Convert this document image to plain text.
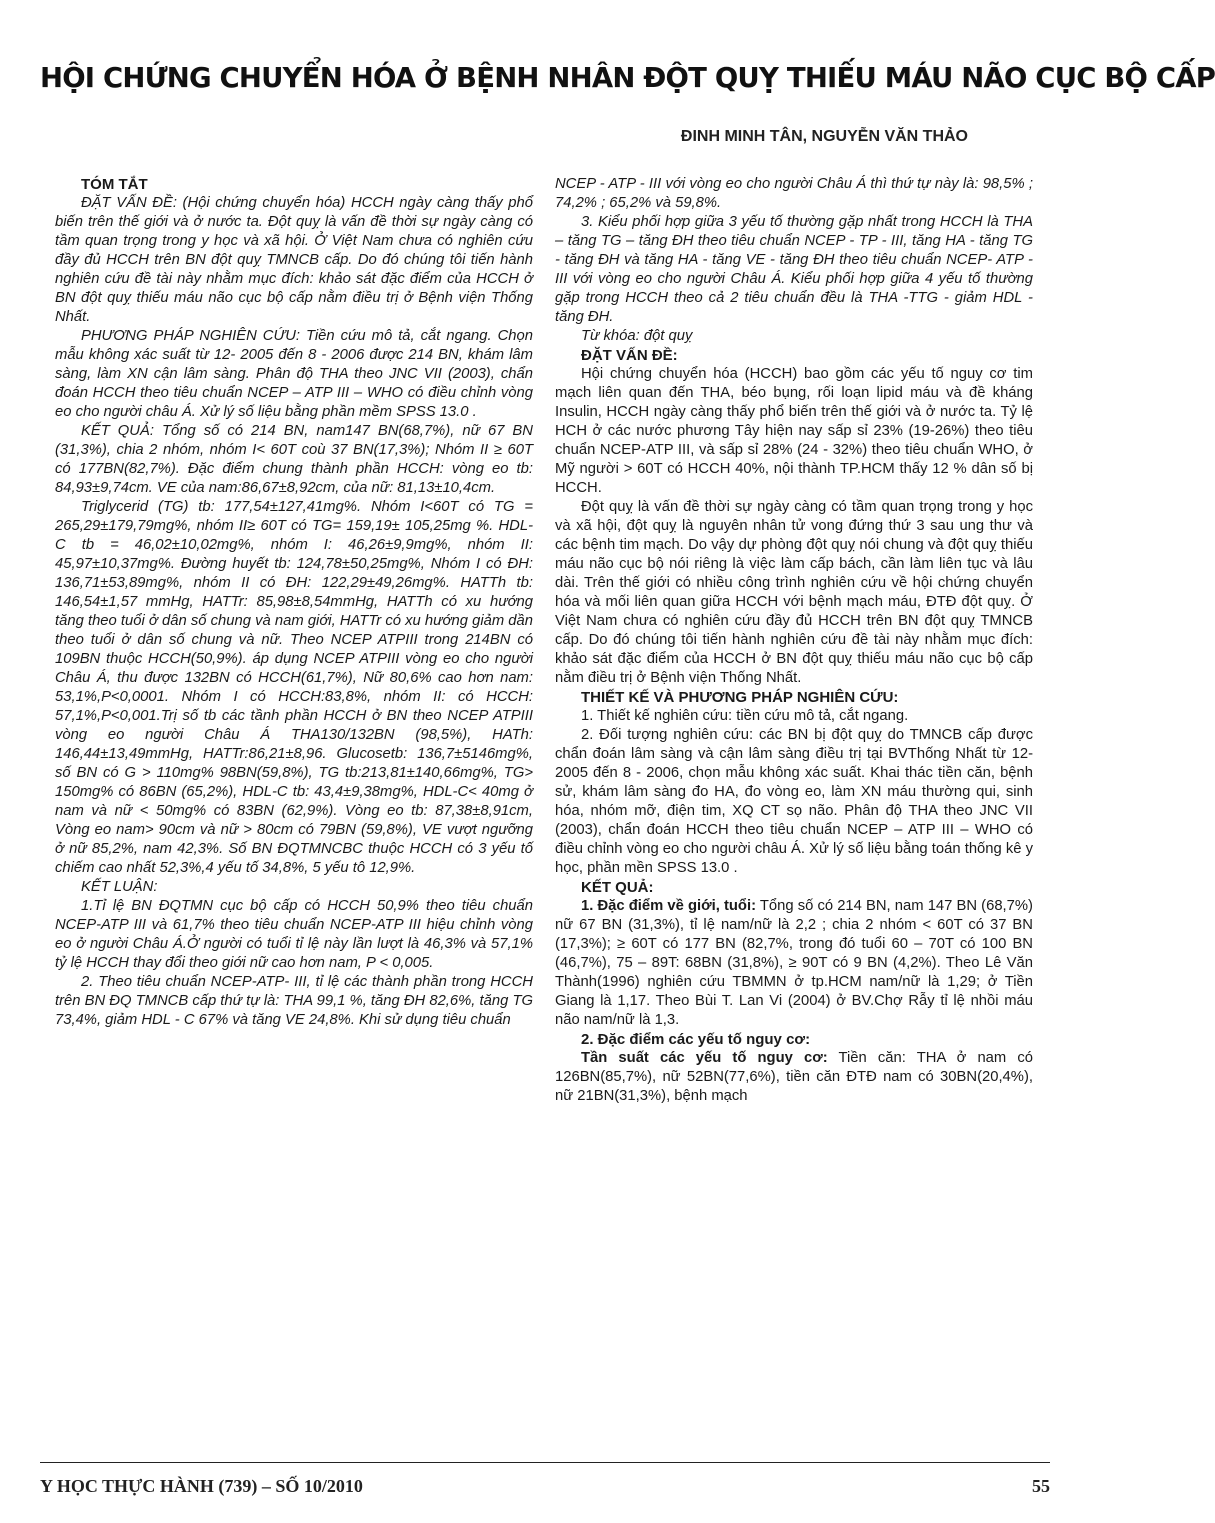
HỘI CHỨNG CHUYỂN HÓA Ở BỆNH NHÂN ĐỘT QUỴ THIẾU MÁU NÃO CỤC BỘ CẤP
ĐINH MINH TÂN, NGUYỄN VĂN THẢO
TÓM TẮT

ĐẶT VẤN ĐỀ: (Hội chứng chuyển hóa) HCCH ngày càng thấy phổ biến trên thế giới và ở nước ta. Đột quỵ là vấn đề thời sự ngày càng có tầm quan trọng trong y học và xã hội. Ở Việt Nam chưa có nghiên cứu đầy đủ HCCH trên BN đột quỵ TMNCB cấp. Do đó chúng tôi tiến hành nghiên cứu đề tài này nhằm mục đích: khảo sát đặc điểm của HCCH ở BN đột quỵ thiếu máu não cục bộ cấp nằm điều trị ở Bệnh viện Thống Nhất.

PHƯƠNG PHÁP NGHIÊN CỨU: Tiền cứu mô tả, cắt ngang. Chọn mẫu không xác suất từ 12- 2005 đến 8 - 2006 được 214 BN, khám lâm sàng, làm XN cận lâm sàng. Phân độ THA theo JNC VII (2003), chẩn đoán HCCH theo tiêu chuẩn NCEP – ATP III – WHO có điều chỉnh vòng eo cho người châu Á. Xử lý số liệu bằng phần mềm SPSS 13.0 .

KẾT QUẢ: Tổng số có 214 BN, nam147 BN(68,7%), nữ 67 BN (31,3%), chia 2 nhóm, nhóm I< 60T coù 37 BN(17,3%); Nhóm II ≥ 60T có 177BN(82,7%). Đặc điểm chung thành phần HCCH: vòng eo tb: 84,93±9,74cm. VE của nam:86,67±8,92cm, của nữ: 81,13±10,4cm.

Triglycerid (TG) tb: 177,54±127,41mg%. Nhóm I<60T có TG = 265,29±179,79mg%, nhóm II≥ 60T có TG= 159,19± 105,25mg %. HDL-C tb = 46,02±10,02mg%, nhóm I: 46,26±9,9mg%, nhóm II: 45,97±10,37mg%. Đường huyết tb: 124,78±50,25mg%, Nhóm I có ĐH: 136,71±53,89mg%, nhóm II có ĐH: 122,29±49,26mg%. HATTh tb: 146,54±1,57 mmHg, HATTr: 85,98±8,54mmHg, HATTh có xu hướng tăng theo tuổi ở dân số chung và nam giới, HATTr có xu hướng giảm dần theo tuổi ở dân số chung và nữ. Theo NCEP ATPIII trong 214BN có 109BN thuộc HCCH(50,9%). áp dụng NCEP ATPIII vòng eo cho người Châu Á, thu được 132BN có HCCH(61,7%), Nữ 80,6% cao hơn nam: 53,1%,P<0,0001. Nhóm I có HCCH:83,8%, nhóm II: có HCCH: 57,1%,P<0,001.Trị số tb các tầnh phần HCCH ở BN theo NCEP ATPIII vòng eo người Châu Á THA130/132BN (98,5%), HATh: 146,44±13,49mmHg, HATTr:86,21±8,96. Glucosetb: 136,7±5146mg%, số BN có G > 110mg% 98BN(59,8%), TG tb:213,81±140,66mg%, TG> 150mg% có 86BN (65,2%), HDL-C tb: 43,4±9,38mg%, HDL-C< 40mg ở nam và nữ < 50mg% có 83BN (62,9%). Vòng eo tb: 87,38±8,91cm, Vòng eo nam> 90cm và nữ > 80cm có 79BN (59,8%), VE vượt ngưỡng ở nữ 85,2%, nam 42,3%. Số BN ĐQTMNCBC thuộc HCCH có 3 yếu tố chiếm cao nhất 52,3%,4 yếu tố 34,8%, 5 yếu tô 12,9%.

KẾT LUẬN:

1.Tỉ lệ BN ĐQTMN cục bộ cấp có HCCH 50,9% theo tiêu chuẩn NCEP-ATP III và 61,7% theo tiêu chuẩn NCEP-ATP III hiệu chỉnh vòng eo ở người Châu Á.Ở người có tuổi tỉ lệ này lần lượt là 46,3% và 57,1% tỷ lệ HCCH thay đổi theo giới nữ cao hơn nam, P < 0,005.

2. Theo tiêu chuẩn NCEP-ATP- III, tỉ lệ các thành phần trong HCCH trên BN ĐQ TMNCB cấp thứ tự là: THA 99,1 %, tăng ĐH 82,6%, tăng TG 73,4%, giảm HDL - C 67% và tăng VE 24,8%. Khi sử dụng tiêu chuẩn

NCEP - ATP - III với vòng eo cho người Châu Á thì thứ tự này là: 98,5% ; 74,2% ; 65,2% và 59,8%.

3. Kiểu phối hợp giữa 3 yếu tố thường gặp nhất trong HCCH là THA – tăng TG – tăng ĐH theo tiêu chuẩn NCEP - TP - III, tăng HA - tăng TG - tăng ĐH và tăng HA - tăng VE - tăng ĐH theo tiêu chuẩn NCEP- ATP - III với vòng eo cho người Châu Á. Kiểu phối hợp giữa 4 yếu tố thường gặp trong HCCH theo cả 2 tiêu chuẩn đều là THA -TTG - giảm HDL - tăng ĐH.

Từ khóa: đột quỵ

ĐẶT VẤN ĐỀ:

Hội chứng chuyển hóa (HCCH) bao gồm các yếu tố nguy cơ tim mạch liên quan đến THA, béo bụng, rối loạn lipid máu và đề kháng Insulin, HCCH ngày càng thấy phổ biến trên thế giới và ở nước ta. Tỷ lệ HCH ở các nước phương Tây hiện nay sấp sỉ 23% (19-26%) theo tiêu chuẩn NCEP-ATP III, và sấp sỉ 28% (24 - 32%) theo tiêu chuẩn WHO, ở Mỹ người > 60T có HCCH 40%, nội thành TP.HCM thấy 12 % dân số bị HCCH.

Đột quỵ là vấn đề thời sự ngày càng có tầm quan trọng trong y học và xã hội, đột quỵ là nguyên nhân tử vong đứng thứ 3 sau ung thư và các bệnh tim mạch. Do vậy dự phòng đột quỵ nói chung và đột quỵ thiếu máu não cục bộ nói riêng là việc làm cấp bách, cần làm liên tục và lâu dài. Trên thế giới có nhiều công trình nghiên cứu về hội chứng chuyển hóa và mối liên quan giữa HCCH với bệnh mạch máu, ĐTĐ đột quỵ. Ở Việt Nam chưa có nghiên cứu đầy đủ HCCH trên BN đột quỵ TMNCB cấp. Do đó chúng tôi tiến hành nghiên cứu đề tài này nhằm mục đích: khảo sát đặc điểm của HCCH ở BN đột quỵ thiếu máu não cục bộ cấp nằm điều trị ở Bệnh viện Thống Nhất.

THIẾT KẾ VÀ PHƯƠNG PHÁP NGHIÊN CỨU:

1. Thiết kế nghiên cứu: tiền cứu mô tả, cắt ngang.

2. Đối tượng nghiên cứu: các BN bị đột quỵ do TMNCB cấp được chẩn đoán lâm sàng và cận lâm sàng điều trị tại BVThống Nhất từ 12- 2005 đến 8 - 2006, chọn mẫu không xác suất. Khai thác tiền căn, bệnh sử, khám lâm sàng đo HA, đo vòng eo, làm XN máu thường qui, sinh hóa, nhóm mỡ, điện tim, XQ CT sọ não. Phân độ THA theo JNC VII (2003), chẩn đoán HCCH theo tiêu chuẩn NCEP – ATP III – WHO có điều chỉnh vòng eo cho người châu Á. Xử lý số liệu bằng toán thống kê y học, phần mền SPSS 13.0 .

KẾT QUẢ:

1. Đặc điểm về giới, tuổi: Tổng số có 214 BN, nam 147 BN (68,7%) nữ 67 BN (31,3%), tỉ lệ nam/nữ là 2,2 ; chia 2 nhóm < 60T có 37 BN (17,3%); ≥ 60T có 177 BN (82,7%, trong đó tuổi 60 – 70T có 100 BN (46,7%), 75 – 89T: 68BN (31,8%), ≥ 90T có 9 BN (4,2%). Theo Lê Văn Thành(1996) nghiên cứu TBMMN ở tp.HCM nam/nữ là 1,29; ở Tiền Giang là 1,17. Theo Bùi T. Lan Vi (2004) ở BV.Chợ Rẫy tỉ lệ nhồi máu não nam/nữ là 1,3.

2. Đặc điểm các yếu tố nguy cơ:

Tần suất các yếu tố nguy cơ: Tiền căn: THA ở nam có 126BN(85,7%), nữ 52BN(77,6%), tiền căn ĐTĐ nam có 30BN(20,4%), nữ 21BN(31,3%), bệnh mạch

Y HỌC THỰC HÀNH (739) – SỐ 10/2010	55
